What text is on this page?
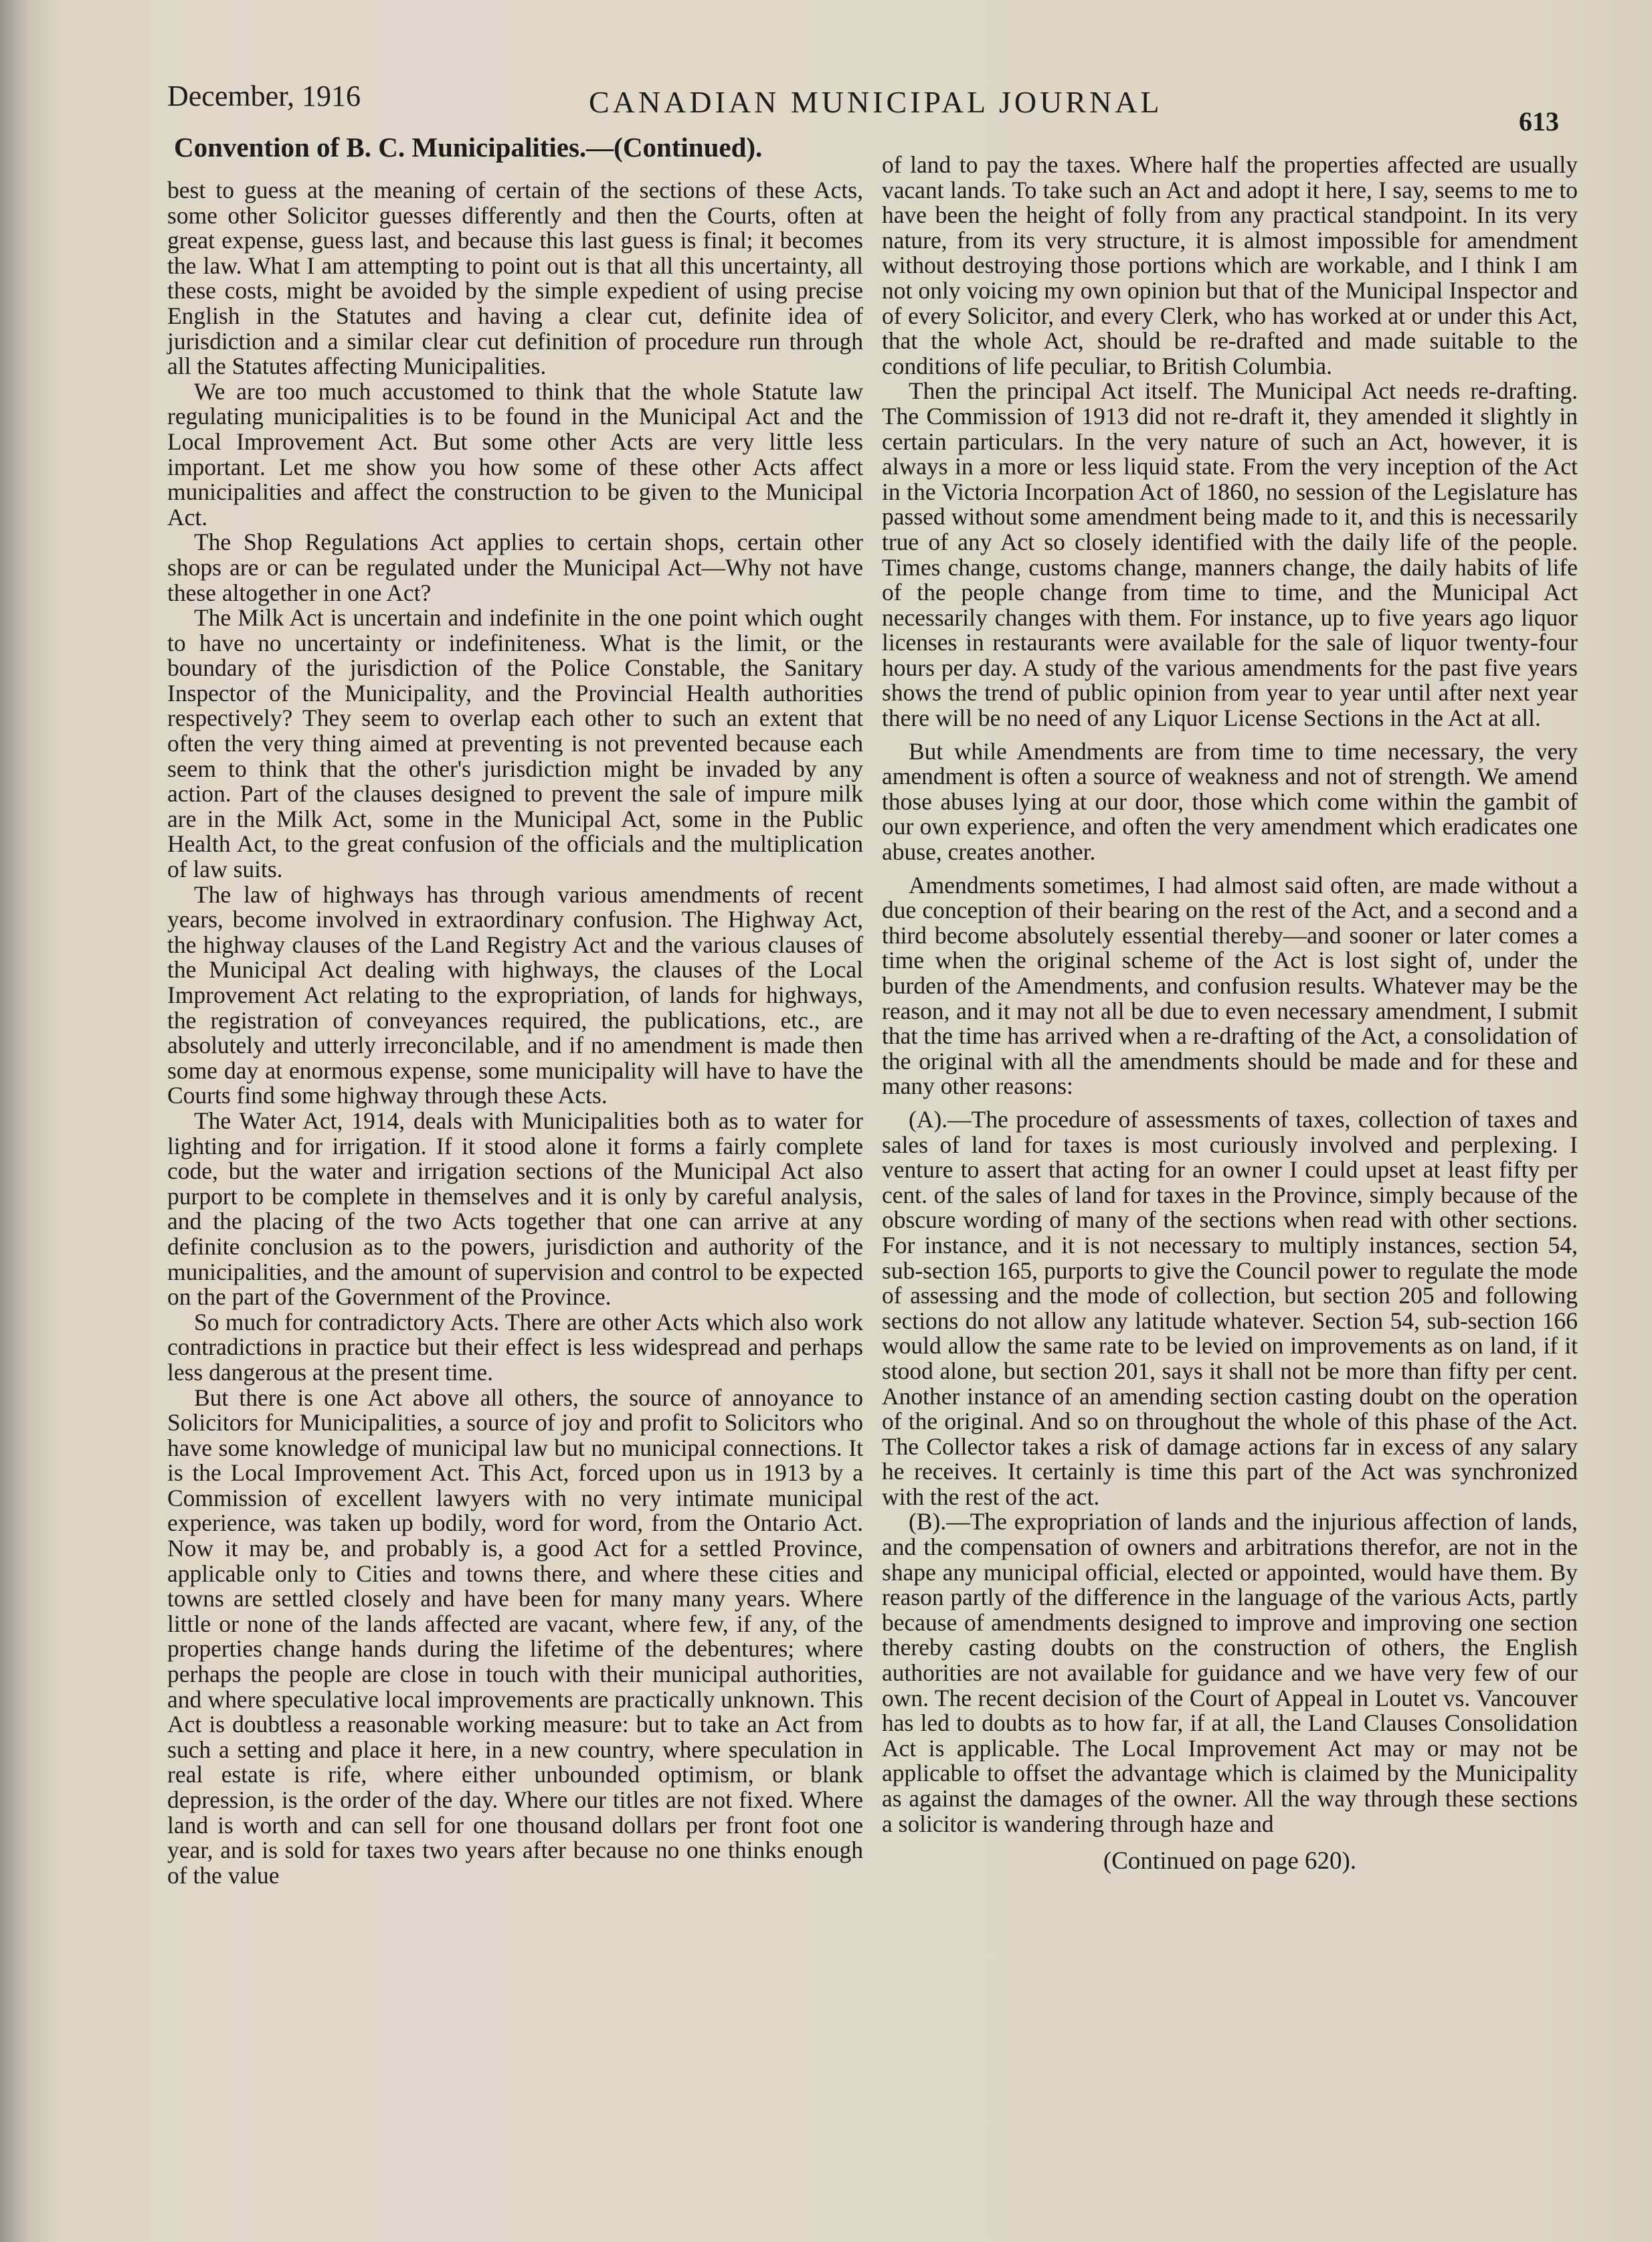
December, 1916	CANADIAN MUNICIPAL JOURNAL
613
Convention of B. C. Municipalities.—(Continued).

best to guess at the meaning of certain of the sections of these Acts, some other Solicitor guesses differently and then the Courts, often at great expense, guess last, and because this last guess is final; it becomes the law. What I am attempting to point out is that all this uncertainty, all these costs, might be avoided by the simple expedient of using precise English in the Statutes and having a clear cut, definite idea of jurisdiction and a similar clear cut definition of procedure run through all the Statutes affecting Municipalities.

We are too much accustomed to think that the whole Statute law regulating municipalities is to be found in the Municipal Act and the Local Improvement Act. But some other Acts are very little less important. Let me show you how some of these other Acts affect municipalities and affect the construction to be given to the Municipal Act.

The Shop Regulations Act applies to certain shops, certain other shops are or can be regulated under the Municipal Act—Why not have these altogether in one Act?

The Milk Act is uncertain and indefinite in the one point which ought to have no uncertainty or indefiniteness. What is the limit, or the boundary of the jurisdiction of the Police Constable, the Sanitary Inspector of the Municipality, and the Provincial Health authorities respectively? They seem to overlap each other to such an extent that often the very thing aimed at preventing is not prevented because each seem to think that the other's jurisdiction might be invaded by any action. Part of the clauses designed to prevent the sale of impure milk are in the Milk Act, some in the Municipal Act, some in the Public Health Act, to the great confusion of the officials and the multiplication of law suits.

The law of highways has through various amendments of recent years, become involved in extraordinary confusion. The Highway Act, the highway clauses of the Land Registry Act and the various clauses of the Municipal Act dealing with highways, the clauses of the Local Improvement Act relating to the expropriation, of lands for highways, the registration of conveyances required, the publications, etc., are absolutely and utterly irreconcilable, and if no amendment is made then some day at enormous expense, some municipality will have to have the Courts find some highway through these Acts.

The Water Act, 1914, deals with Municipalities both as to water for lighting and for irrigation. If it stood alone it forms a fairly complete code, but the water and irrigation sections of the Municipal Act also purport to be complete in themselves and it is only by careful analysis, and the placing of the two Acts together that one can arrive at any definite conclusion as to the powers, jurisdiction and authority of the municipalities, and the amount of supervision and control to be expected on the part of the Government of the Province.

So much for contradictory Acts. There are other Acts which also work contradictions in practice but their effect is less widespread and perhaps less dangerous at the present time.

But there is one Act above all others, the source of annoyance to Solicitors for Municipalities, a source of joy and profit to Solicitors who have some knowledge of municipal law but no municipal connections. It is the Local Improvement Act. This Act, forced upon us in 1913 by a Commission of excellent lawyers with no very intimate municipal experience, was taken up bodily, word for word, from the Ontario Act. Now it may be, and probably is, a good Act for a settled Province, applicable only to Cities and towns there, and where these cities and towns are settled closely and have been for many many years. Where little or none of the lands affected are vacant, where few, if any, of the properties change hands during the lifetime of the debentures; where perhaps the people are close in touch with their municipal authorities, and where speculative local improvements are practically unknown. This Act is doubtless a reasonable working measure: but to take an Act from such a setting and place it here, in a new country, where speculation in real estate is rife, where either unbounded optimism, or blank depression, is the order of the day. Where our titles are not fixed. Where land is worth and can sell for one thousand dollars per front foot one year, and is sold for taxes two years after because no one thinks enough of the value

of land to pay the taxes. Where half the properties affected are usually vacant lands. To take such an Act and adopt it here, I say, seems to me to have been the height of folly from any practical standpoint. In its very nature, from its very structure, it is almost impossible for amendment without destroying those portions which are workable, and I think I am not only voicing my own opinion but that of the Municipal Inspector and of every Solicitor, and every Clerk, who has worked at or under this Act, that the whole Act, should be re-drafted and made suitable to the conditions of life peculiar, to British Columbia.

Then the principal Act itself. The Municipal Act needs re-drafting. The Commission of 1913 did not re-draft it, they amended it slightly in certain particulars. In the very nature of such an Act, however, it is always in a more or less liquid state. From the very inception of the Act in the Victoria Incorpation Act of 1860, no session of the Legislature has passed without some amendment being made to it, and this is necessarily true of any Act so closely identified with the daily life of the people. Times change, customs change, manners change, the daily habits of life of the people change from time to time, and the Municipal Act necessarily changes with them. For instance, up to five years ago liquor licenses in restaurants were available for the sale of liquor twenty-four hours per day. A study of the various amendments for the past five years shows the trend of public opinion from year to year until after next year there will be no need of any Liquor License Sections in the Act at all.

But while Amendments are from time to time necessary, the very amendment is often a source of weakness and not of strength. We amend those abuses lying at our door, those which come within the gambit of our own experience, and often the very amendment which eradicates one abuse, creates another.

Amendments sometimes, I had almost said often, are made without a due conception of their bearing on the rest of the Act, and a second and a third become absolutely essential thereby—and sooner or later comes a time when the original scheme of the Act is lost sight of, under the burden of the Amendments, and confusion results. Whatever may be the reason, and it may not all be due to even necessary amendment, I submit that the time has arrived when a re-drafting of the Act, a consolidation of the original with all the amendments should be made and for these and many other reasons:

(A).—The procedure of assessments of taxes, collection of taxes and sales of land for taxes is most curiously involved and perplexing. I venture to assert that acting for an owner I could upset at least fifty per cent. of the sales of land for taxes in the Province, simply because of the obscure wording of many of the sections when read with other sections. For instance, and it is not necessary to multiply instances, section 54, sub-section 165, purports to give the Council power to regulate the mode of assessing and the mode of collection, but section 205 and following sections do not allow any latitude whatever. Section 54, sub-section 166 would allow the same rate to be levied on improvements as on land, if it stood alone, but section 201, says it shall not be more than fifty per cent. Another instance of an amending section casting doubt on the operation of the original. And so on throughout the whole of this phase of the Act. The Collector takes a risk of damage actions far in excess of any salary he receives. It certainly is time this part of the Act was synchronized with the rest of the act.

(B).—The expropriation of lands and the injurious affection of lands, and the compensation of owners and arbitrations therefor, are not in the shape any municipal official, elected or appointed, would have them. By reason partly of the difference in the language of the various Acts, partly because of amendments designed to improve and improving one section thereby casting doubts on the construction of others, the English authorities are not available for guidance and we have very few of our own. The recent decision of the Court of Appeal in Loutet vs. Vancouver has led to doubts as to how far, if at all, the Land Clauses Consolidation Act is applicable. The Local Improvement Act may or may not be applicable to offset the advantage which is claimed by the Municipality as against the damages of the owner. All the way through these sections a solicitor is wandering through haze and

(Continued on page 620).
